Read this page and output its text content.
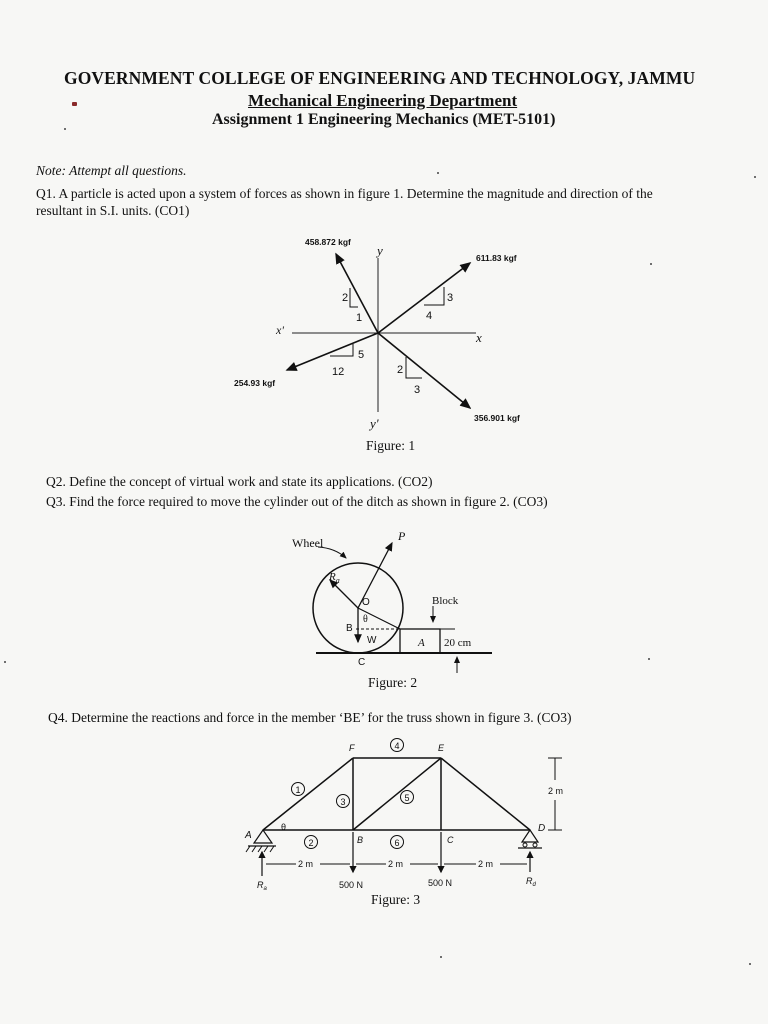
GOVERNMENT COLLEGE OF ENGINEERING AND TECHNOLOGY, JAMMU
Mechanical Engineering Department
Assignment 1 Engineering Mechanics (MET-5101)
Note: Attempt all questions.
Q1. A particle is acted upon a system of forces as shown in figure 1. Determine the magnitude and direction of the
resultant in S.I. units. (CO1)
458.872 kgf
611.83 kgf
254.93 kgf
356.901 kgf
y
y'
x
x'
2
1
3
4
5
12	2
3
Figure: 1
Q2. Define the concept of virtual work and state its applications. (CO2)
Q3. Find the force required to move the cylinder out of the ditch as shown in figure 2. (CO3)
Wheel
$R_a$
P
O
θ
B
W	A
C
Block
20 cm
Figure: 2
Q4. Determine the reactions and force in the member ‘BE’ for the truss shown in figure 3. (CO3)
1
2
3
4
5
6
A
θ
B	C
D
E
F
2 m	2 m	2 m
2 m
500 N	500 N
$R_a$
$R_d$
Figure: 3
